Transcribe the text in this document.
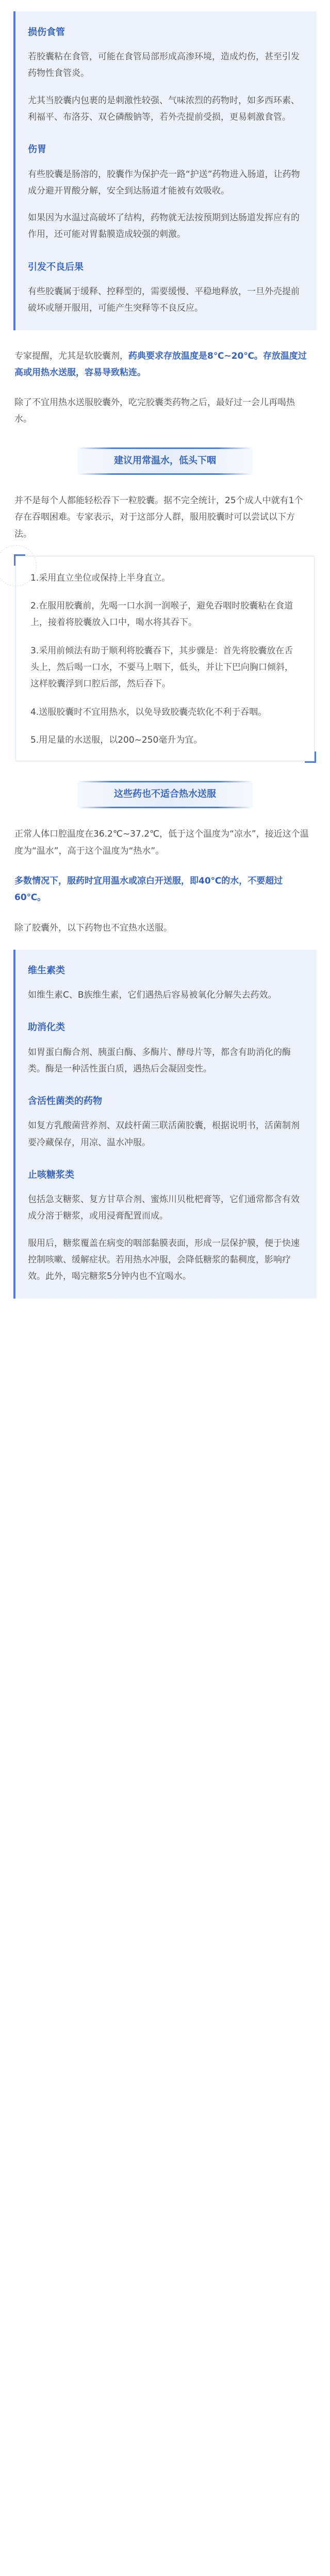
损伤食管

若胶囊粘在食管，可能在食管局部形成高渗环境，造成灼伤，甚至引发药物性食管炎。

尤其当胶囊内包裹的是刺激性较强、气味浓烈的药物时，如多西环素、利福平、布洛芬、双仑磷酸钠等，若外壳提前受损，更易刺激食管。

伤胃

有些胶囊是肠溶的，胶囊作为保护壳一路“护送”药物进入肠道，让药物成分避开胃酸分解，安全到达肠道才能被有效吸收。

如果因为水温过高破坏了结构，药物就无法按预期到达肠道发挥应有的作用，还可能对胃黏膜造成较强的刺激。

引发不良后果

有些胶囊属于缓释、控释型的，需要缓慢、平稳地释放，一旦外壳提前破坏或掰开服用，可能产生突释等不良反应。

专家提醒，尤其是软胶囊剂，药典要求存放温度是8℃~20℃。存放温度过高或用热水送服，容易导致粘连。

除了不宜用热水送服胶囊外，吃完胶囊类药物之后，最好过一会儿再喝热水。

建议用常温水，低头下咽

并不是每个人都能轻松吞下一粒胶囊。据不完全统计，25个成人中就有1个存在吞咽困难。专家表示，对于这部分人群，服用胶囊时可以尝试以下方法。

1.采用直立坐位或保持上半身直立。

2.在服用胶囊前，先喝一口水润一润喉子，避免吞咽时胶囊粘在食道上，接着将胶囊放入口中，喝水将其吞下。

3.采用前倾法有助于顺利将胶囊吞下，其步骤是：首先将胶囊放在舌头上，然后喝一口水，不要马上咽下，低头，并让下巴向胸口倾斜，这样胶囊浮到口腔后部，然后吞下。

4.送服胶囊时不宜用热水，以免导致胶囊壳软化不利于吞咽。

5.用足量的水送服，以200~250毫升为宜。

这些药也不适合热水送服

正常人体口腔温度在36.2℃~37.2℃，低于这个温度为“凉水”，接近这个温度为“温水”，高于这个温度为“热水”。

多数情况下，服药时宜用温水或凉白开送服，即40℃的水，不要超过60℃。

除了胶囊外，以下药物也不宜热水送服。

维生素类

如维生素C、B族维生素，它们遇热后容易被氧化分解失去药效。

助消化类

如胃蛋白酶合剂、胰蛋白酶、多酶片、酵母片等，都含有助消化的酶类。酶是一种活性蛋白质，遇热后会凝固变性。

含活性菌类的药物

如复方乳酸菌营养剂、双歧杆菌三联活菌胶囊，根据说明书，活菌制剂要冷藏保存，用凉、温水冲服。

止咳糖浆类

包括急支糖浆、复方甘草合剂、蜜炼川贝枇杷膏等，它们通常都含有效成分溶于糖浆，或用浸膏配置而成。

服用后，糖浆覆盖在病变的咽部黏膜表面，形成一层保护膜，便于快速控制咳嗽、缓解症状。若用热水冲服，会降低糖浆的黏稠度，影响疗效。此外，喝完糖浆5分钟内也不宜喝水。
